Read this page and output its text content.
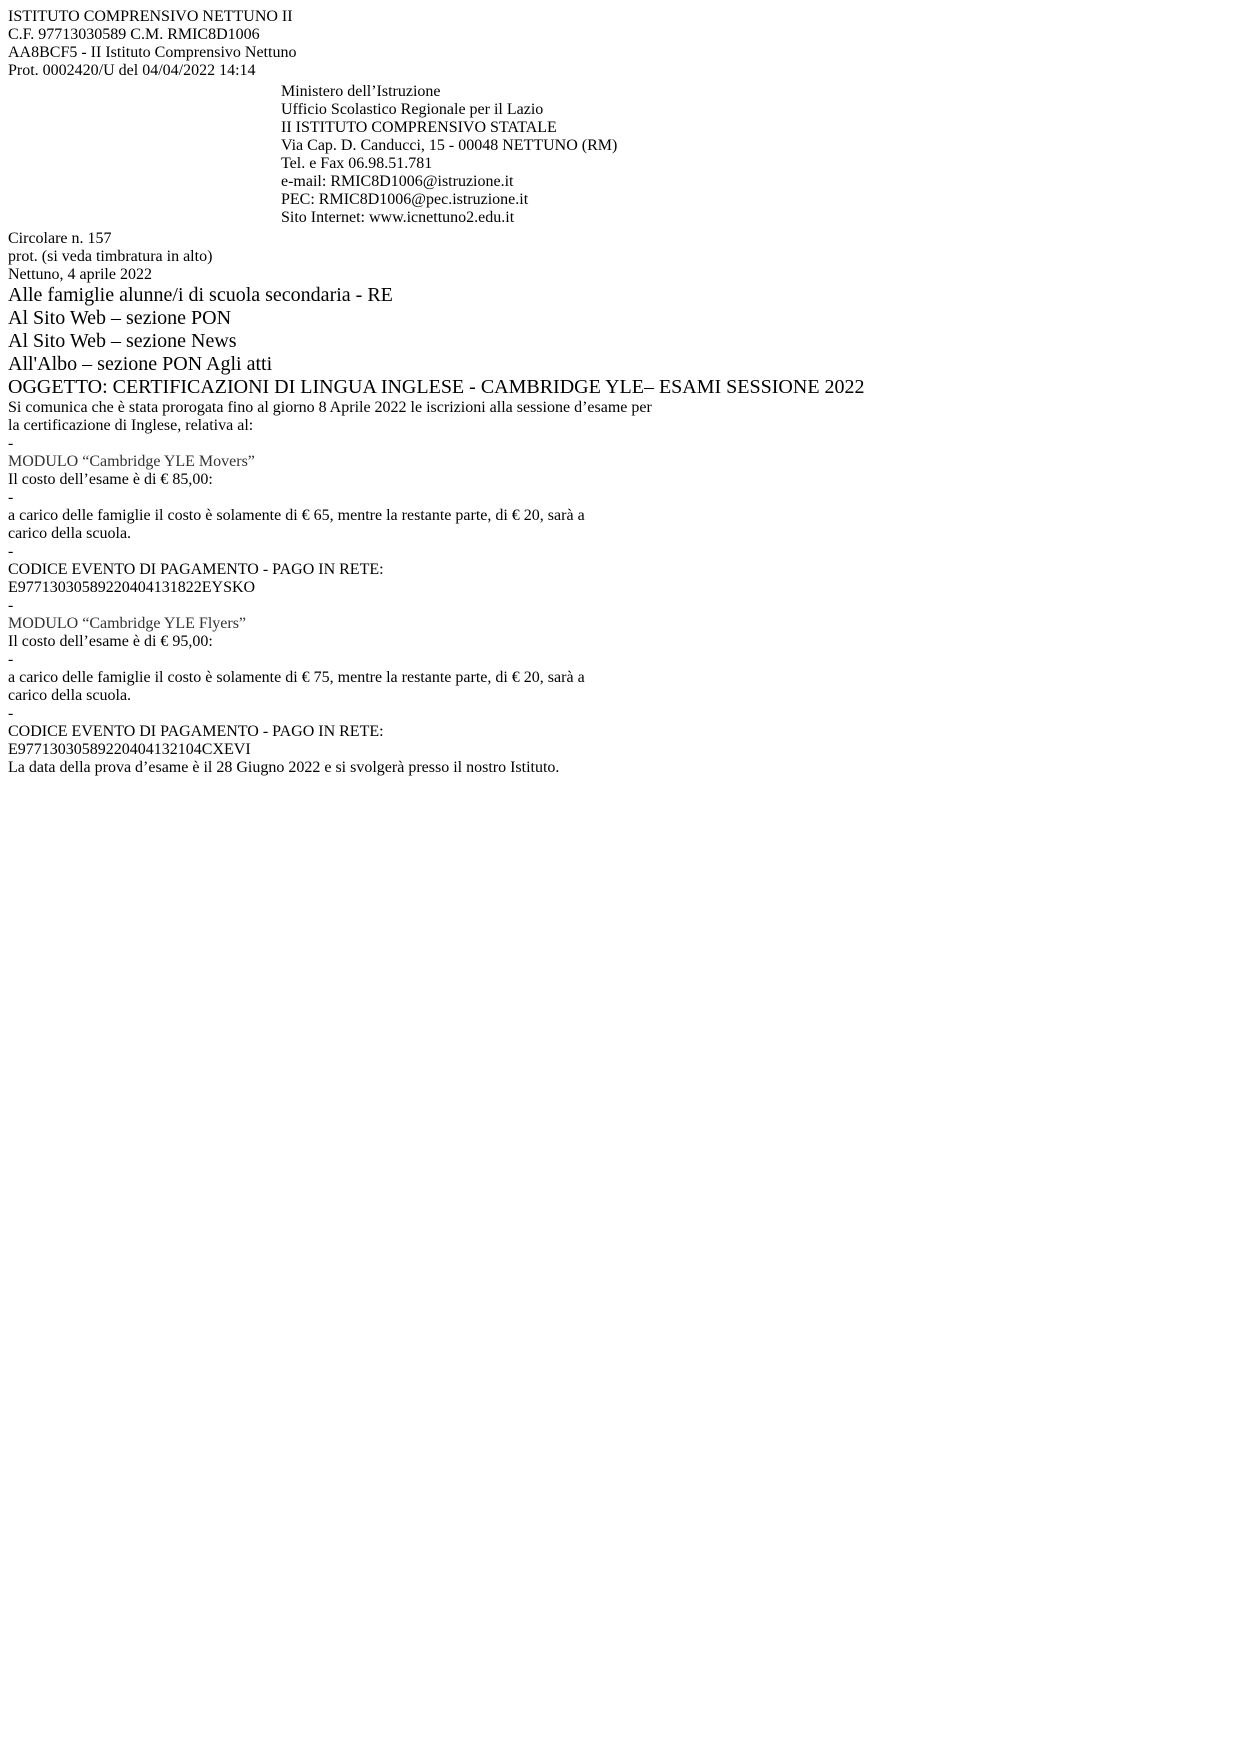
ISTITUTO COMPRENSIVO NETTUNO II
C.F. 97713030589 C.M. RMIC8D1006
AA8BCF5 - II Istituto Comprensivo Nettuno
Prot. 0002420/U del 04/04/2022 14:14

Ministero dell’Istruzione
Ufficio Scolastico Regionale per il Lazio
II ISTITUTO COMPRENSIVO STATALE
Via Cap. D. Canducci, 15 - 00048 NETTUNO (RM)
Tel. e Fax 06.98.51.781
e-mail: RMIC8D1006@istruzione.it
PEC: RMIC8D1006@pec.istruzione.it
Sito Internet: www.icnettuno2.edu.it

Circolare n. 157
prot. (si veda timbratura in alto)
Nettuno, 4 aprile 2022
Alle famiglie alunne/i di scuola secondaria - RE
Al Sito Web – sezione PON
Al Sito Web – sezione News
All'Albo – sezione PON Agli atti
OGGETTO: CERTIFICAZIONI DI LINGUA INGLESE - CAMBRIDGE YLE– ESAMI SESSIONE 2022
Si comunica che è stata prorogata fino al giorno 8 Aprile 2022 le iscrizioni alla sessione d’esame per
la certificazione di Inglese, relativa al:
-
MODULO “Cambridge YLE Movers”
Il costo dell’esame è di € 85,00:
-
a carico delle famiglie il costo è solamente di € 65, mentre la restante parte, di € 20, sarà a
carico della scuola.
-
CODICE EVENTO DI PAGAMENTO - PAGO IN RETE:
E97713030589220404131822EYSKO
-
MODULO “Cambridge YLE Flyers”
Il costo dell’esame è di € 95,00:
-
a carico delle famiglie il costo è solamente di € 75, mentre la restante parte, di € 20, sarà a
carico della scuola.
-
CODICE EVENTO DI PAGAMENTO - PAGO IN RETE:
E97713030589220404132104CXEVI
La data della prova d’esame è il 28 Giugno 2022 e si svolgerà presso il nostro Istituto.
